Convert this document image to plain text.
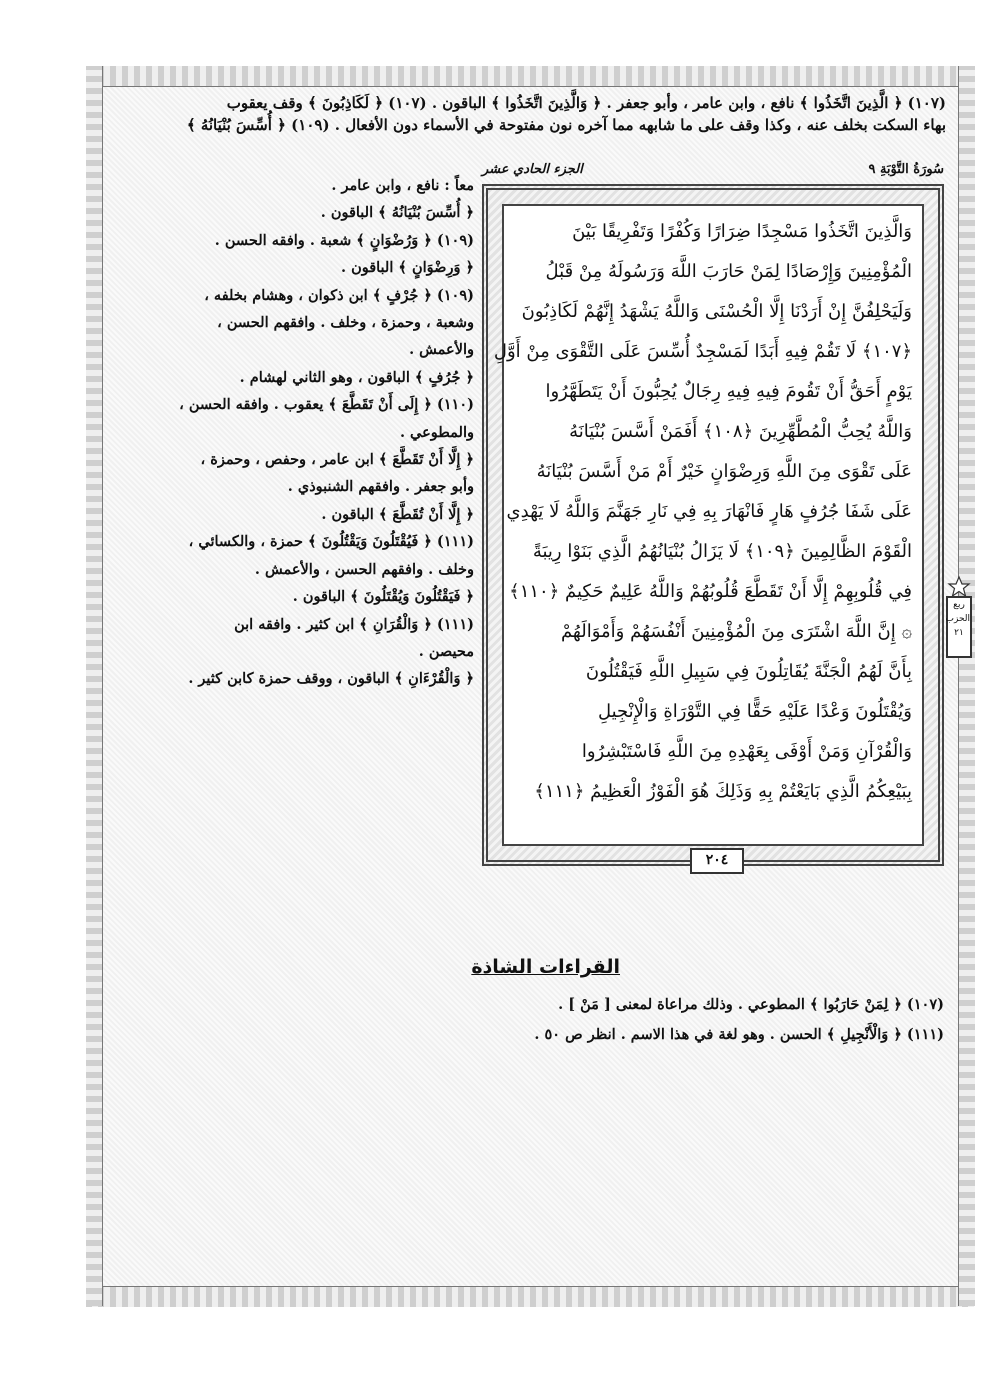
(١٠٧) ﴿ الَّذِينَ اتَّخَذُوا ﴾ نافع ، وابن عامر ، وأبو جعفر . ﴿ وَالَّذِينَ اتَّخَذُوا ﴾ الباقون . (١٠٧) ﴿ لَكَاذِبُونَ ﴾ وقف يعقوب

بهاء السكت بخلف عنه ، وكذا وقف على ما شابهه مما آخره نون مفتوحة في الأسماء دون الأفعال . (١٠٩) ﴿ أُسِّسَ بُنْيَانُهُ ﴾

سُورَةُ التَّوْبَةِ ٩
الجزء الحادي عشر
وَالَّذِينَ اتَّخَذُوا مَسْجِدًا ضِرَارًا وَكُفْرًا وَتَفْرِيقًا بَيْنَ
الْمُؤْمِنِينَ وَإِرْصَادًا لِمَنْ حَارَبَ اللَّهَ وَرَسُولَهُ مِنْ قَبْلُ
وَلَيَحْلِفُنَّ إِنْ أَرَدْنَا إِلَّا الْحُسْنَى وَاللَّهُ يَشْهَدُ إِنَّهُمْ لَكَاذِبُونَ
﴿١٠٧﴾ لَا تَقُمْ فِيهِ أَبَدًا لَمَسْجِدٌ أُسِّسَ عَلَى التَّقْوَى مِنْ أَوَّلِ
يَوْمٍ أَحَقُّ أَنْ تَقُومَ فِيهِ فِيهِ رِجَالٌ يُحِبُّونَ أَنْ يَتَطَهَّرُوا
وَاللَّهُ يُحِبُّ الْمُطَّهِّرِينَ ﴿١٠٨﴾ أَفَمَنْ أَسَّسَ بُنْيَانَهُ
عَلَى تَقْوَى مِنَ اللَّهِ وَرِضْوَانٍ خَيْرٌ أَمْ مَنْ أَسَّسَ بُنْيَانَهُ
عَلَى شَفَا جُرُفٍ هَارٍ فَانْهَارَ بِهِ فِي نَارِ جَهَنَّمَ وَاللَّهُ لَا يَهْدِي
الْقَوْمَ الظَّالِمِينَ ﴿١٠٩﴾ لَا يَزَالُ بُنْيَانُهُمُ الَّذِي بَنَوْا رِيبَةً
فِي قُلُوبِهِمْ إِلَّا أَنْ تَقَطَّعَ قُلُوبُهُمْ وَاللَّهُ عَلِيمٌ حَكِيمٌ ﴿١١٠﴾
۞ إِنَّ اللَّهَ اشْتَرَى مِنَ الْمُؤْمِنِينَ أَنْفُسَهُمْ وَأَمْوَالَهُمْ
بِأَنَّ لَهُمُ الْجَنَّةَ يُقَاتِلُونَ فِي سَبِيلِ اللَّهِ فَيَقْتُلُونَ
وَيُقْتَلُونَ وَعْدًا عَلَيْهِ حَقًّا فِي التَّوْرَاةِ وَالْإِنْجِيلِ
وَالْقُرْآنِ وَمَنْ أَوْفَى بِعَهْدِهِ مِنَ اللَّهِ فَاسْتَبْشِرُوا
بِبَيْعِكُمُ الَّذِي بَايَعْتُمْ بِهِ وَذَلِكَ هُوَ الْفَوْزُ الْعَظِيمُ ﴿١١١﴾
٢٠٤
ربع الحزب ٢١

معاً : نافع ، وابن عامر .

﴿ أُسِّسَ بُنْيَانُهُ ﴾ الباقون .

(١٠٩) ﴿ وَرُضْوَانٍ ﴾ شعبة . وافقه الحسن .

﴿ وَرِضْوَانٍ ﴾ الباقون .

(١٠٩) ﴿ جُرْفٍ ﴾ ابن ذكوان ، وهشام بخلفه ،

وشعبة ، وحمزة ، وخلف . وافقهم الحسن ،

والأعمش .

﴿ جُرُفٍ ﴾ الباقون ، وهو الثاني لهشام .

(١١٠) ﴿ إِلَى أَنْ تَقَطَّعَ ﴾ يعقوب . وافقه الحسن ،

والمطوعي .

﴿ إِلَّا أَنْ تَقَطَّعَ ﴾ ابن عامر ، وحفص ، وحمزة ،

وأبو جعفر . وافقهم الشنبوذي .

﴿ إِلَّا أَنْ تُقَطَّعَ ﴾ الباقون .

(١١١) ﴿ فَيُقْتَلُونَ وَيَقْتُلُونَ ﴾ حمزة ، والكسائي ،

وخلف . وافقهم الحسن ، والأعمش .

﴿ فَيَقْتُلُونَ وَيُقْتَلُونَ ﴾ الباقون .

(١١١) ﴿ وَالْقُرَانِ ﴾ ابن كثير . وافقه ابن

محيصن .

﴿ وَالْقُرْءَانِ ﴾ الباقون ، ووقف حمزة كابن كثير .

القراءات الشاذة

(١٠٧) ﴿ لِمَنْ حَارَبُوا ﴾ المطوعي . وذلك مراعاة لمعنى [ مَنْ ] .

(١١١) ﴿ وَالْأَنْجِيلِ ﴾ الحسن . وهو لغة في هذا الاسم . انظر ص ٥٠ .
